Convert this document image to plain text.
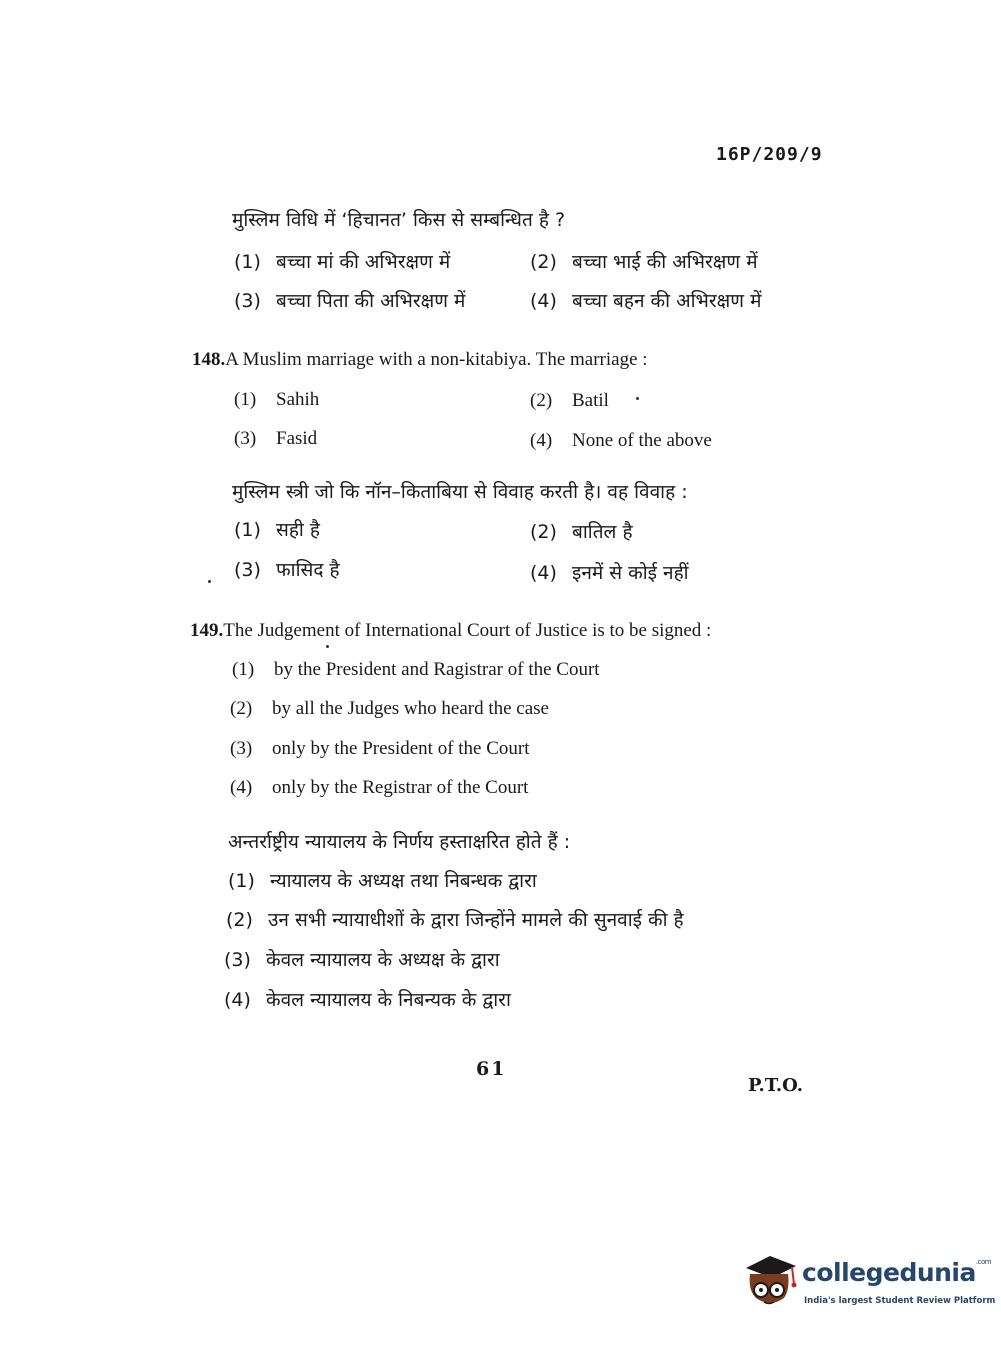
16P/209/9
मुस्लिम विधि में ‘हिचानत’ किस से सम्बन्धित है ?
(1) बच्चा मां की अभिरक्षण में	(2) बच्चा भाई की अभिरक्षण में
(3) बच्चा पिता की अभिरक्षण में	(4) बच्चा बहन की अभिरक्षण में
148.A Muslim marriage with a non-kitabiya. The marriage :
(1) Sahih	(2) Batil
(3) Fasid	(4) None of the above
मुस्लिम स्त्री जो कि नॉन–किताबिया से विवाह करती है। वह विवाह :
(1) सही है	(2) बातिल है
(3) फासिद है	(4) इनमें से कोई नहीं
149.The Judgement of International Court of Justice is to be signed :
(1) by the President and Ragistrar of the Court
(2) by all the Judges who heard the case
(3) only by the President of the Court
(4) only by the Registrar of the Court
अन्तर्राष्ट्रीय न्यायालय के निर्णय हस्ताक्षरित होते हैं :
(1) न्यायालय के अध्यक्ष तथा निबन्धक द्वारा
(2) उन सभी न्यायाधीशों के द्वारा जिन्होंने मामले की सुनवाई की है
(3) केवल न्यायालय के अध्यक्ष के द्वारा
(4) केवल न्यायालय के निबन्यक के द्वारा
61
P.T.O.
collegedunia$^{.com}$
India's largest Student Review Platform
